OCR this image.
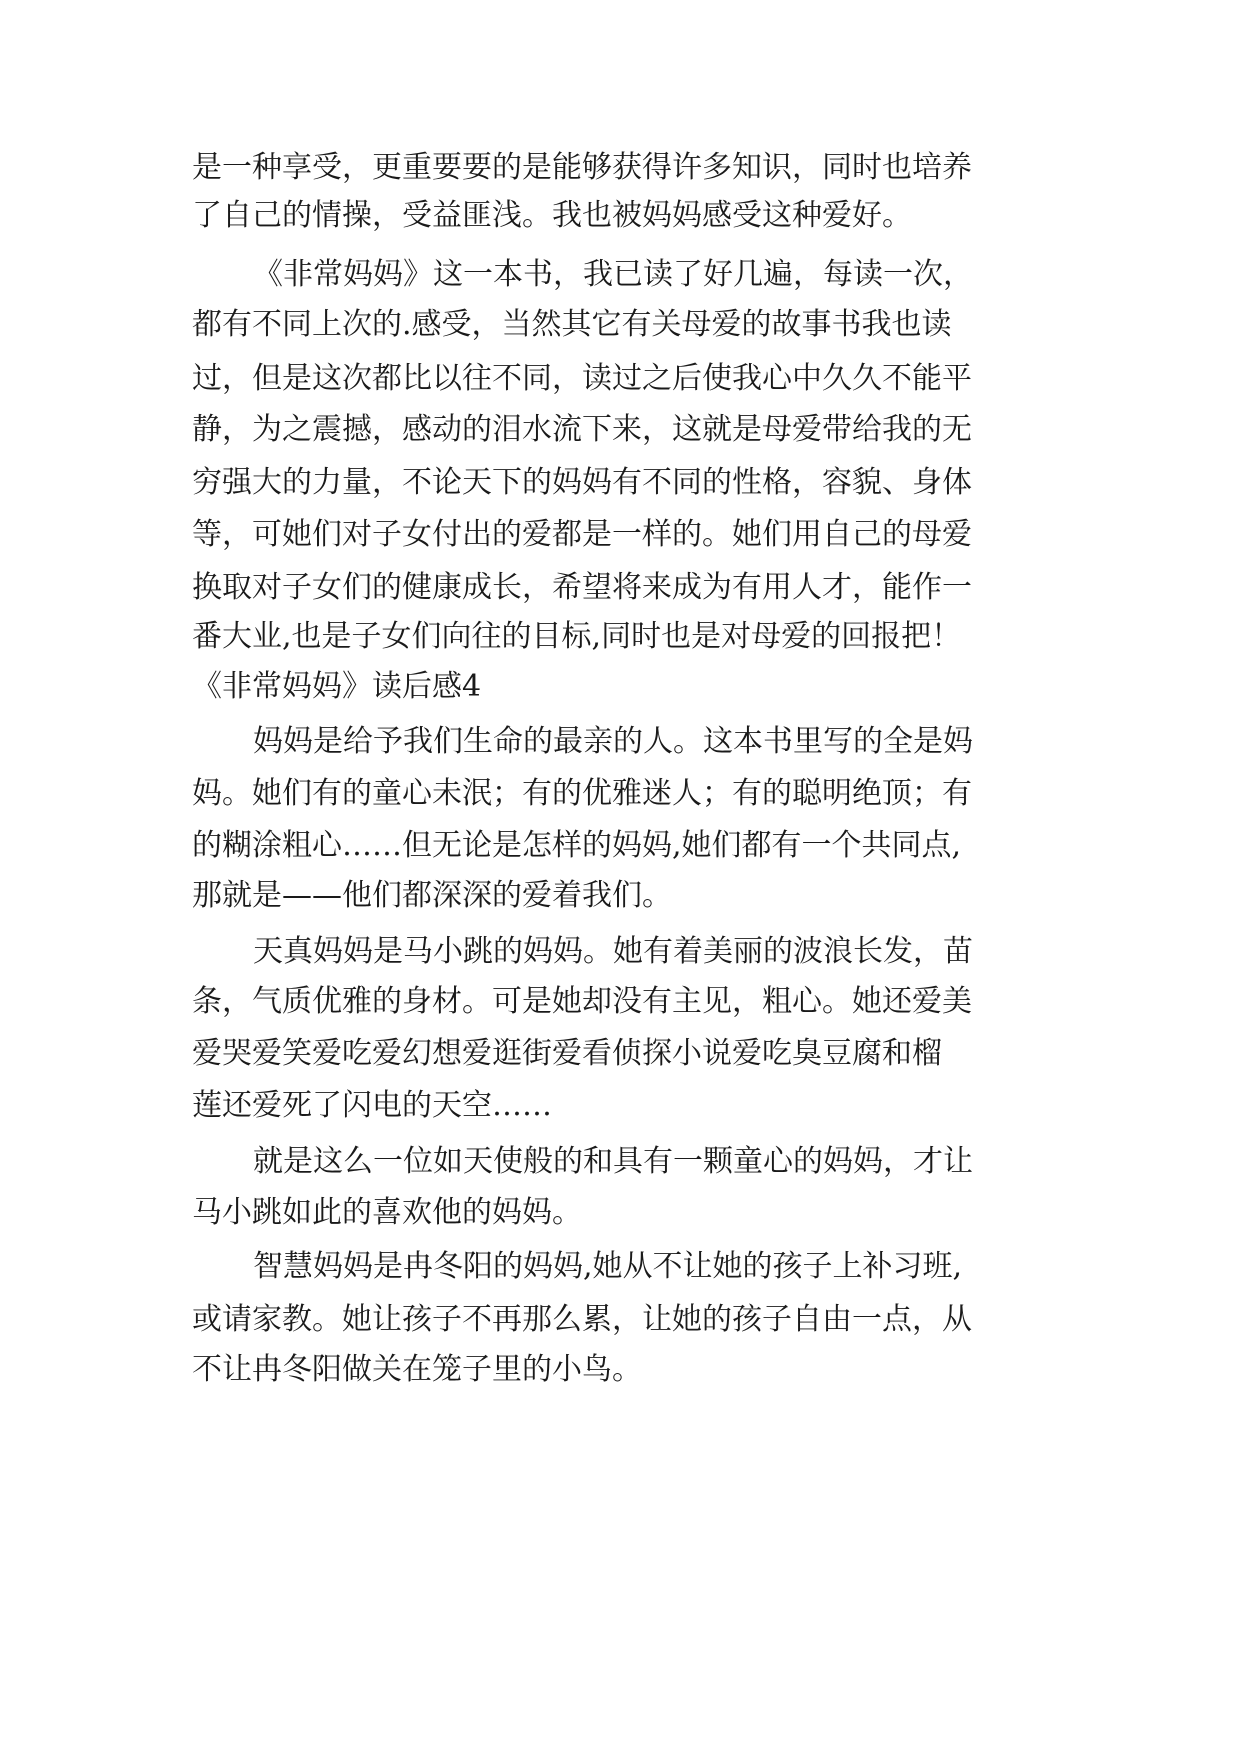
是一种享受，更重要要的是能够获得许多知识，同时也培养
了自己的情操，受益匪浅。我也被妈妈感受这种爱好。
《非常妈妈》这一本书，我已读了好几遍，每读一次，
都有不同上次的.感受，当然其它有关母爱的故事书我也读
过，但是这次都比以往不同，读过之后使我心中久久不能平
静，为之震撼，感动的泪水流下来，这就是母爱带给我的无
穷强大的力量，不论天下的妈妈有不同的性格，容貌、身体
等，可她们对子女付出的爱都是一样的。她们用自己的母爱
换取对子女们的健康成长，希望将来成为有用人才，能作一
番大业,也是子女们向往的目标,同时也是对母爱的回报把！
《非常妈妈》读后感4
妈妈是给予我们生命的最亲的人。这本书里写的全是妈
妈。她们有的童心未泯；有的优雅迷人；有的聪明绝顶；有
的糊涂粗心……但无论是怎样的妈妈,她们都有一个共同点,
那就是——他们都深深的爱着我们。
天真妈妈是马小跳的妈妈。她有着美丽的波浪长发，苗
条，气质优雅的身材。可是她却没有主见，粗心。她还爱美
爱哭爱笑爱吃爱幻想爱逛街爱看侦探小说爱吃臭豆腐和榴
莲还爱死了闪电的天空……
就是这么一位如天使般的和具有一颗童心的妈妈，才让
马小跳如此的喜欢他的妈妈。
智慧妈妈是冉冬阳的妈妈,她从不让她的孩子上补习班,
或请家教。她让孩子不再那么累，让她的孩子自由一点，从
不让冉冬阳做关在笼子里的小鸟。
